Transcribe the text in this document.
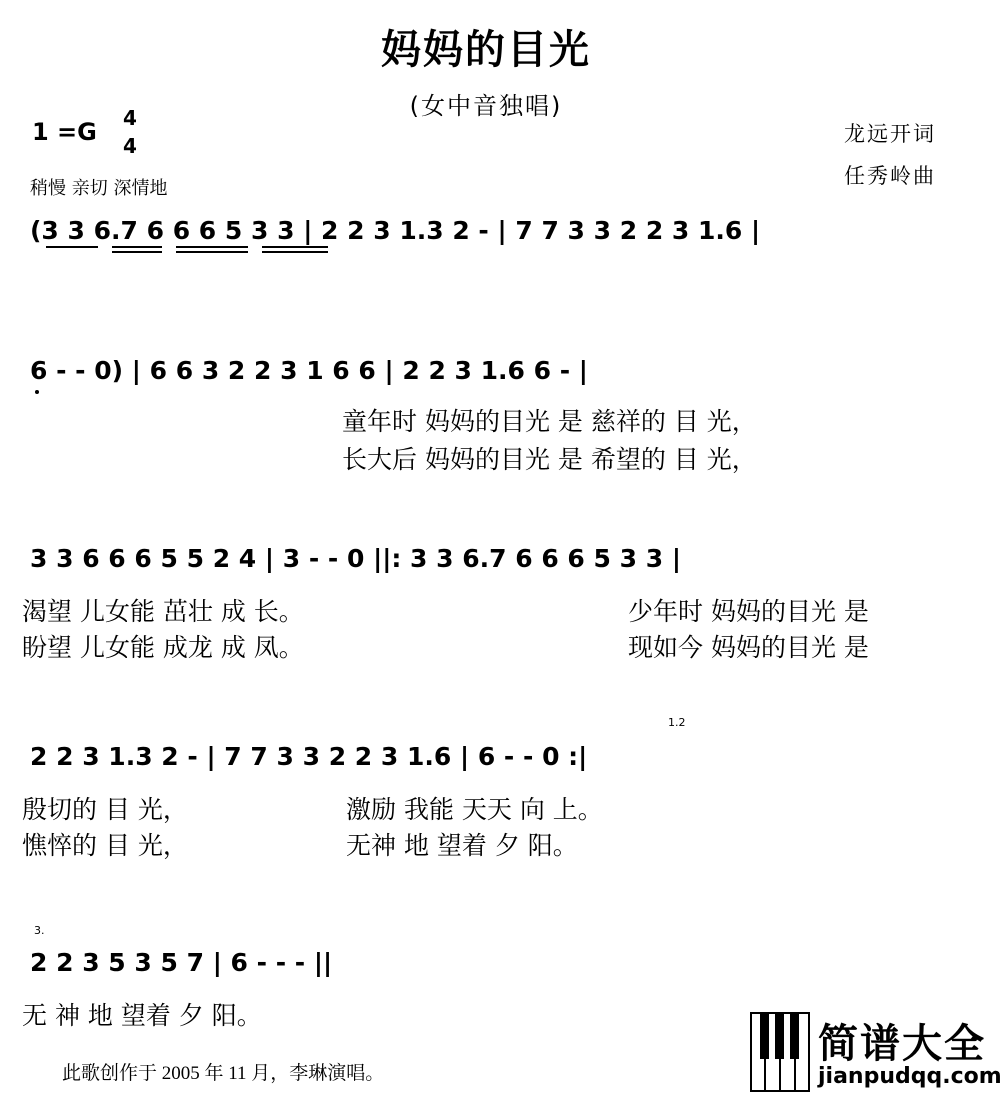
妈妈的目光
(女中音独唱)
1 =G 4
4
稍慢 亲切 深情地
龙远开词
任秀岭曲
(3 3 6.7 6 6 6 5 3 3 | 2 2 3 1.3 2 - | 7 7 3 3 2 2 3 1.6 |
6 - - 0) | 6 6 3 2 2 3 1 6 6 | 2 2 3 1.6 6 - |
童年时 妈妈的目光 是 慈祥的 目 光，
长大后 妈妈的目光 是 希望的 目 光，
3 3 6 6 6 5 5 2 4 | 3 - - 0 ||: 3 3 6.7 6 6 6 5 3 3 |
渴望 儿女能 茁壮 成 长。
盼望 儿女能 成龙 成 凤。
少年时 妈妈的目光 是
现如今 妈妈的目光 是
1.2
2 2 3 1.3 2 - | 7 7 3 3 2 2 3 1.6 | 6 - - 0 :|
殷切的 目 光，
憔悴的 目 光，
激励 我能 天天 向 上。
无神 地 望着 夕 阳。
3.
2 2 3 5 3 5 7 | 6 - - - ||
无 神 地 望着 夕 阳。
此歌创作于 2005 年 11 月，李琳演唱。
简谱大全
jianpudqq.com
